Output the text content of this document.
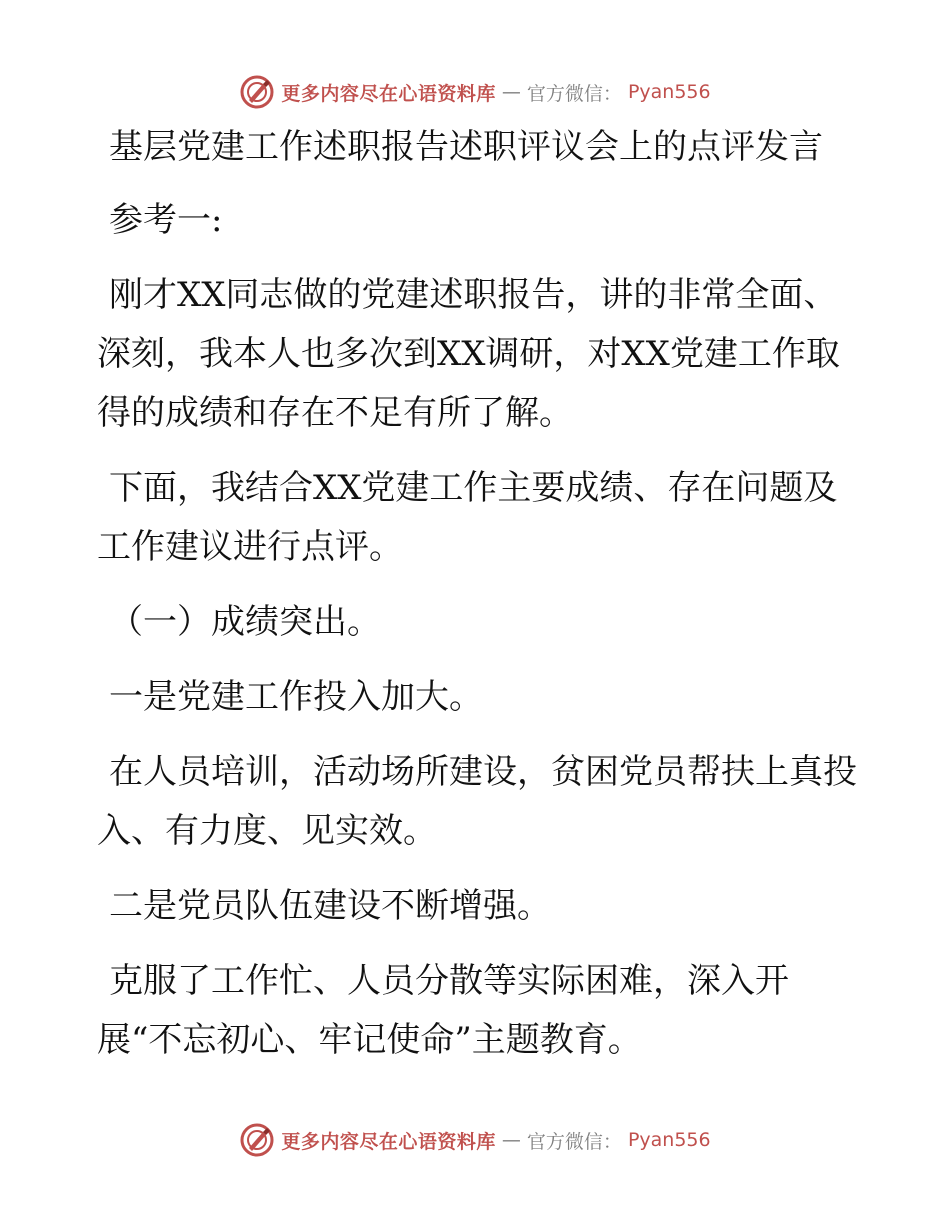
更多内容尽在心语资料库 — 官方微信： Pyan556

基层党建工作述职报告述职评议会上的点评发言

参考一:

刚才XX同志做的党建述职报告，讲的非常全面、深刻，我本人也多次到XX调研，对XX党建工作取得的成绩和存在不足有所了解。

下面，我结合XX党建工作主要成绩、存在问题及工作建议进行点评。

（一）成绩突出。

一是党建工作投入加大。

在人员培训，活动场所建设，贫困党员帮扶上真投入、有力度、见实效。

二是党员队伍建设不断增强。

克服了工作忙、人员分散等实际困难，深入开展“不忘初心、牢记使命”主题教育。

更多内容尽在心语资料库 — 官方微信： Pyan556
